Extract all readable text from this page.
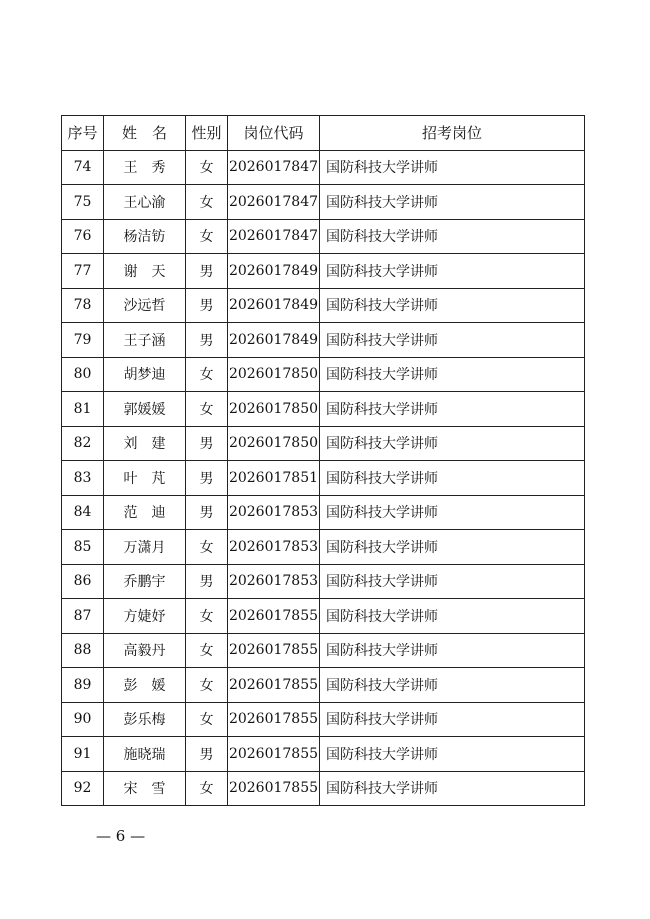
序号	姓　名	性别	岗位代码	招考岗位
74	王　秀	女	2026017847	国防科技大学讲师
75	王心渝	女	2026017847	国防科技大学讲师
76	杨洁钫	女	2026017847	国防科技大学讲师
77	谢　天	男	2026017849	国防科技大学讲师
78	沙远哲	男	2026017849	国防科技大学讲师
79	王子涵	男	2026017849	国防科技大学讲师
80	胡梦迪	女	2026017850	国防科技大学讲师
81	郭媛媛	女	2026017850	国防科技大学讲师
82	刘　建	男	2026017850	国防科技大学讲师
83	叶　芃	男	2026017851	国防科技大学讲师
84	范　迪	男	2026017853	国防科技大学讲师
85	万潇月	女	2026017853	国防科技大学讲师
86	乔鹏宇	男	2026017853	国防科技大学讲师
87	方婕妤	女	2026017855	国防科技大学讲师
88	高毅丹	女	2026017855	国防科技大学讲师
89	彭　媛	女	2026017855	国防科技大学讲师
90	彭乐梅	女	2026017855	国防科技大学讲师
91	施晓瑞	男	2026017855	国防科技大学讲师
92	宋　雪	女	2026017855	国防科技大学讲师
— 6 —
